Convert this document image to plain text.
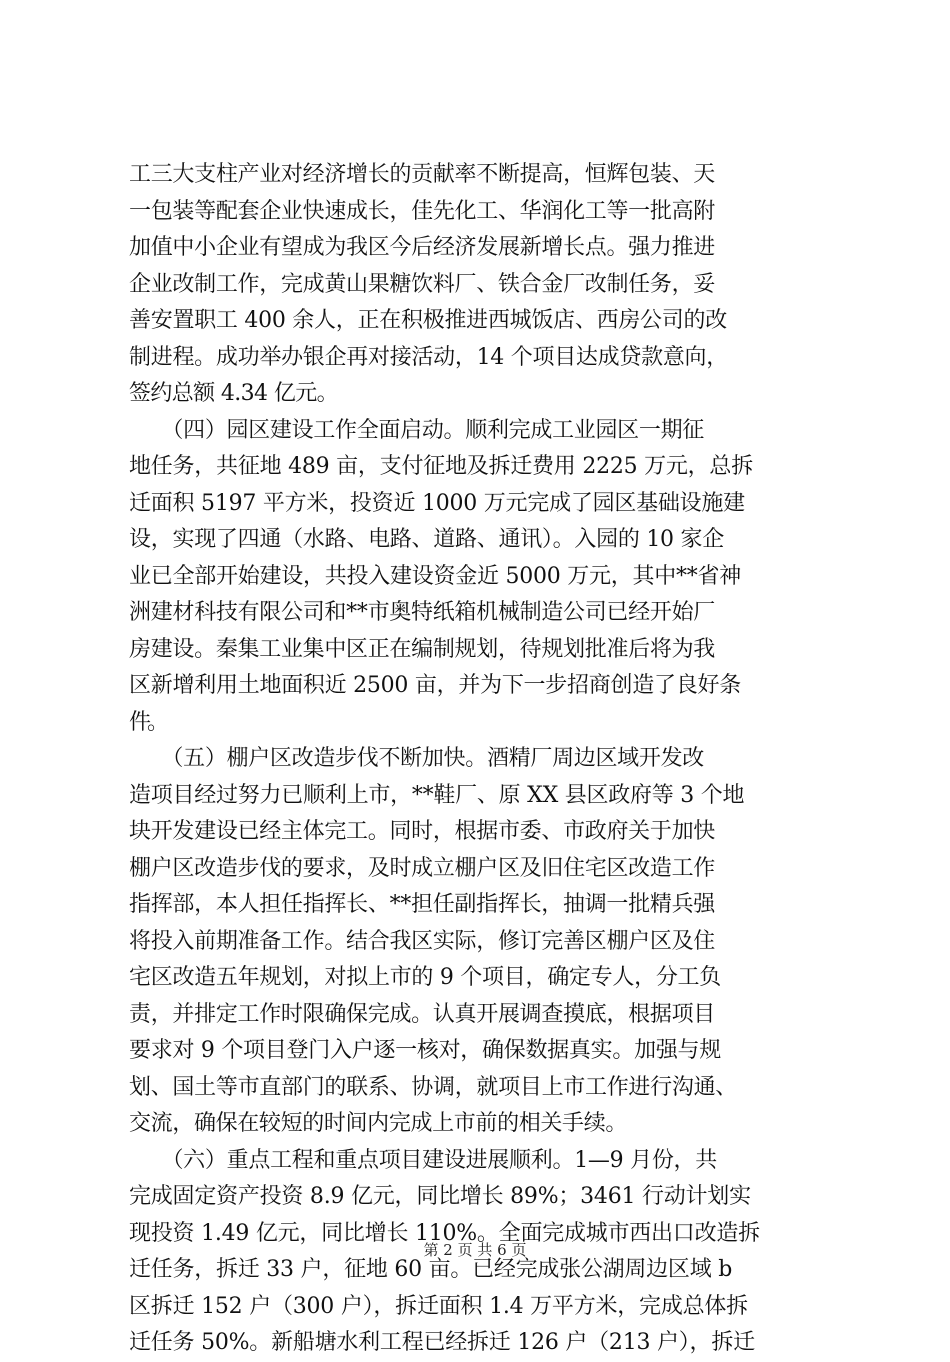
工三大支柱产业对经济增长的贡献率不断提高，恒辉包装、天
一包装等配套企业快速成长，佳先化工、华润化工等一批高附
加值中小企业有望成为我区今后经济发展新增长点。强力推进
企业改制工作，完成黄山果糖饮料厂、铁合金厂改制任务，妥
善安置职工 400 余人，正在积极推进西城饭店、西房公司的改
制进程。成功举办银企再对接活动，14 个项目达成贷款意向，
签约总额 4.34 亿元。
　　（四）园区建设工作全面启动。顺利完成工业园区一期征
地任务，共征地 489 亩，支付征地及拆迁费用 2225 万元，总拆
迁面积 5197 平方米，投资近 1000 万元完成了园区基础设施建
设，实现了四通（水路、电路、道路、通讯）。入园的 10 家企
业已全部开始建设，共投入建设资金近 5000 万元，其中**省神
洲建材科技有限公司和**市奥特纸箱机械制造公司已经开始厂
房建设。秦集工业集中区正在编制规划，待规划批准后将为我
区新增利用土地面积近 2500 亩，并为下一步招商创造了良好条
件。
　　（五）棚户区改造步伐不断加快。酒精厂周边区域开发改
造项目经过努力已顺利上市，**鞋厂、原 XX 县区政府等 3 个地
块开发建设已经主体完工。同时，根据市委、市政府关于加快
棚户区改造步伐的要求，及时成立棚户区及旧住宅区改造工作
指挥部，本人担任指挥长、**担任副指挥长，抽调一批精兵强
将投入前期准备工作。结合我区实际，修订完善区棚户区及住
宅区改造五年规划，对拟上市的 9 个项目，确定专人，分工负
责，并排定工作时限确保完成。认真开展调查摸底，根据项目
要求对 9 个项目登门入户逐一核对，确保数据真实。加强与规
划、国土等市直部门的联系、协调，就项目上市工作进行沟通、
交流，确保在较短的时间内完成上市前的相关手续。
　　（六）重点工程和重点项目建设进展顺利。1—9 月份，共
完成固定资产投资 8.9 亿元，同比增长 89%；3461 行动计划实
现投资 1.49 亿元，同比增长 110%。全面完成城市西出口改造拆
迁任务，拆迁 33 户，征地 60 亩。已经完成张公湖周边区域 b
区拆迁 152 户（300 户），拆迁面积 1.4 万平方米，完成总体拆
迁任务 50%。新船塘水利工程已经拆迁 126 户（213 户），拆迁
第 2 页 共 6 页
